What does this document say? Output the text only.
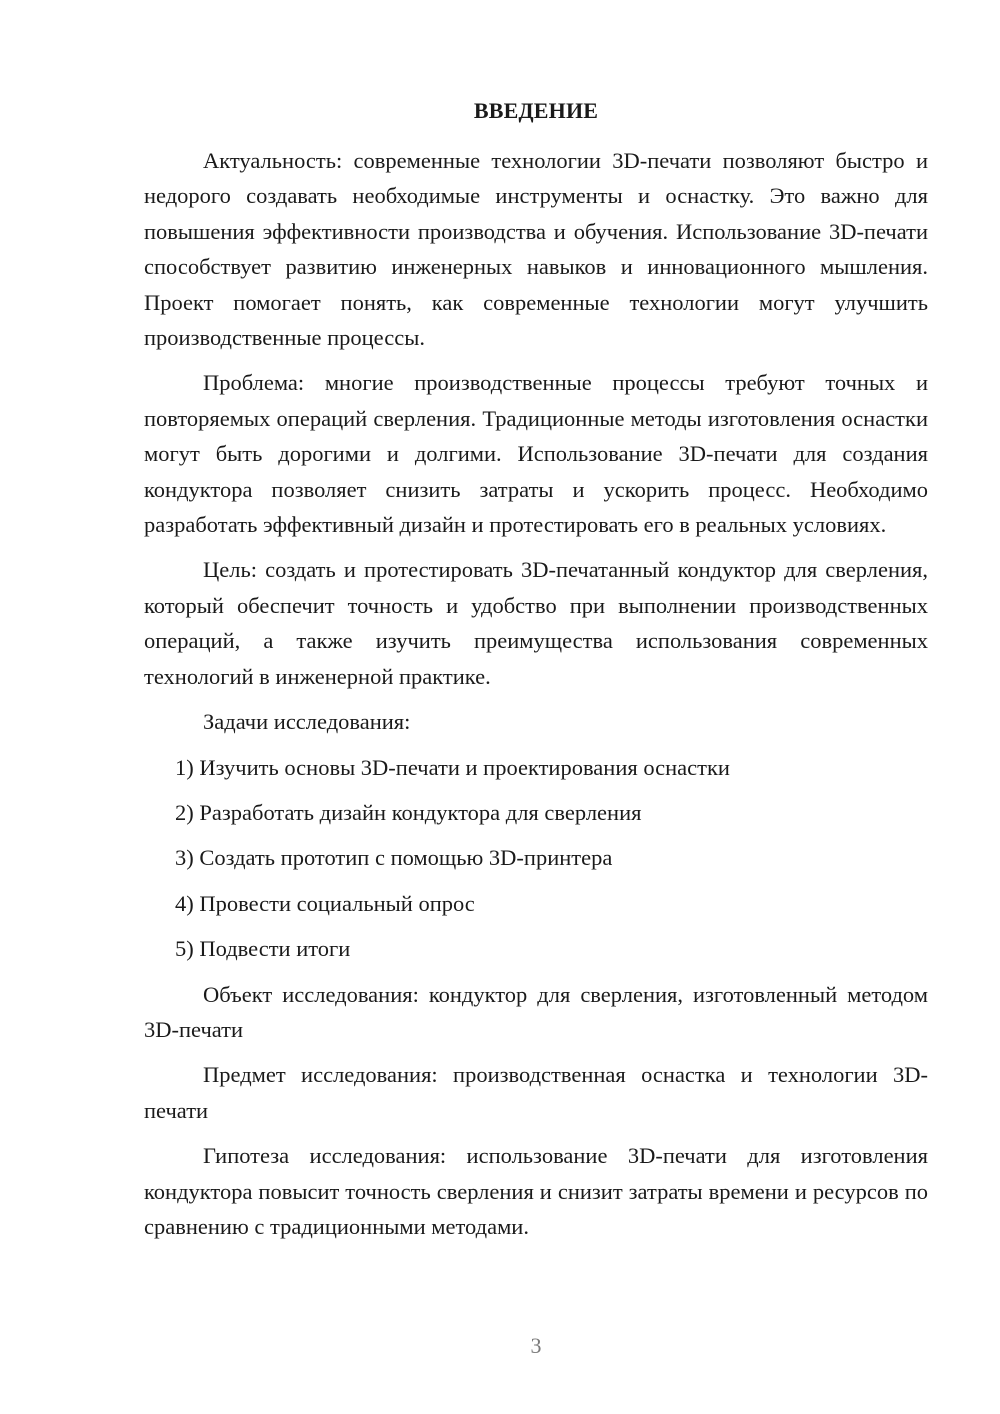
ВВЕДЕНИЕ

Актуальность: современные технологии 3D-печати позволяют быстро и недорого создавать необходимые инструменты и оснастку. Это важно для повышения эффективности производства и обучения. Использование 3D-печати способствует развитию инженерных навыков и инновационного мышления. Проект помогает понять, как современные технологии могут улучшить производственные процессы.

Проблема: многие производственные процессы требуют точных и повторяемых операций сверления. Традиционные методы изготовления оснастки могут быть дорогими и долгими. Использование 3D-печати для создания кондуктора позволяет снизить затраты и ускорить процесс. Необходимо разработать эффективный дизайн и протестировать его в реальных условиях.

Цель: создать и протестировать 3D-печатанный кондуктор для сверления, который обеспечит точность и удобство при выполнении производственных операций, а также изучить преимущества использования современных технологий в инженерной практике.

Задачи исследования:

1) Изучить основы 3D-печати и проектирования оснастки
2) Разработать дизайн кондуктора для сверления
3) Создать прототип с помощью 3D-принтера
4) Провести социальный опрос
5) Подвести итоги

Объект исследования: кондуктор для сверления, изготовленный методом 3D-печати

Предмет исследования: производственная оснастка и технологии 3D-печати

Гипотеза исследования: использование 3D-печати для изготовления кондуктора повысит точность сверления и снизит затраты времени и ресурсов по сравнению с традиционными методами.

3
